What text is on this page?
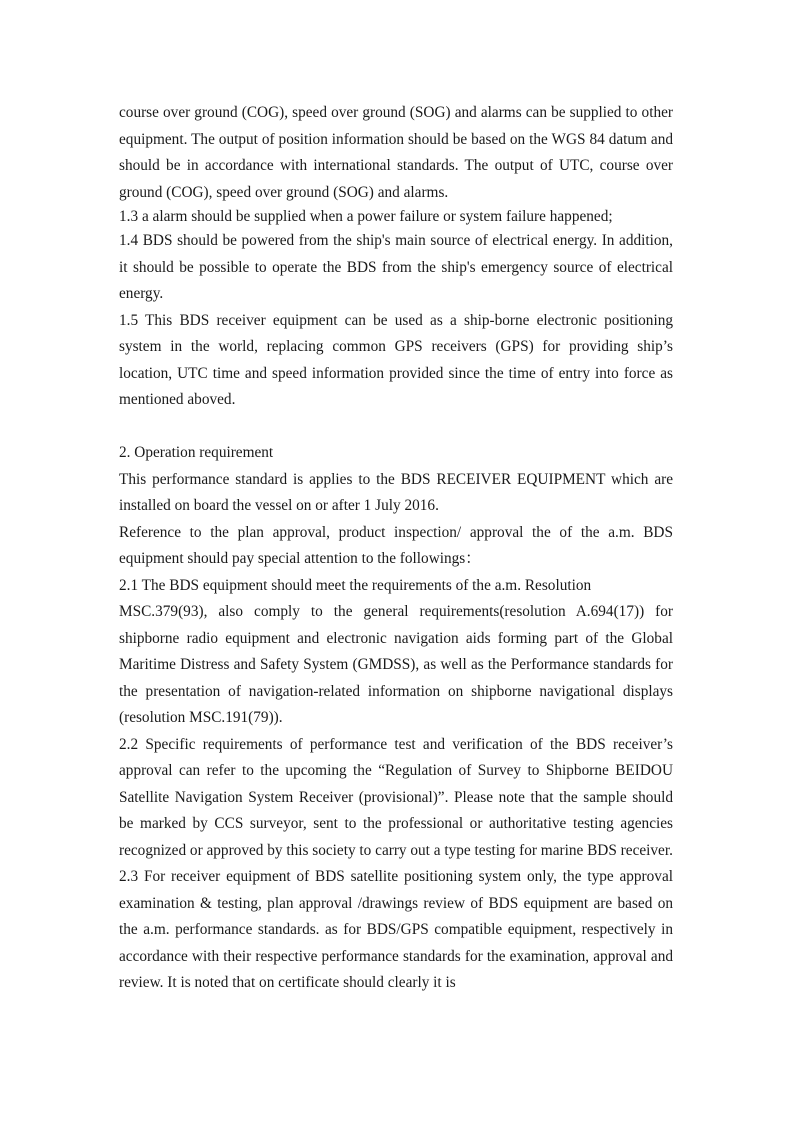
course over ground (COG), speed over ground (SOG) and alarms can be supplied to other equipment. The output of position information should be based on the WGS 84 datum and should be in accordance with international standards. The output of UTC, course over ground (COG), speed over ground (SOG) and alarms.

1.3 a alarm should be supplied when a power failure or system failure happened;

1.4 BDS should be powered from the ship's main source of electrical energy. In addition, it should be possible to operate the BDS from the ship's emergency source of electrical energy.

1.5 This BDS receiver equipment can be used as a ship-borne electronic positioning system in the world, replacing common GPS receivers (GPS) for providing ship’s location, UTC time and speed information provided since the time of entry into force as mentioned aboved.

2. Operation requirement

This performance standard is applies to the BDS RECEIVER EQUIPMENT which are installed on board the vessel on or after 1 July 2016.

Reference to the plan approval, product inspection/ approval the of the a.m. BDS equipment should pay special attention to the followings：

2.1 The BDS equipment should meet the requirements of the a.m. Resolution

MSC.379(93), also comply to the general requirements(resolution A.694(17)) for shipborne radio equipment and electronic navigation aids forming part of the Global Maritime Distress and Safety System (GMDSS), as well as the Performance standards for the presentation of navigation-related information on shipborne navigational displays (resolution MSC.191(79)).

2.2 Specific requirements of performance test and verification of the BDS receiver’s approval can refer to the upcoming the “Regulation of Survey to Shipborne BEIDOU Satellite Navigation System Receiver (provisional)”. Please note that the sample should be marked by CCS surveyor, sent to the professional or authoritative testing agencies recognized or approved by this society to carry out a type testing for marine BDS receiver.

2.3 For receiver equipment of BDS satellite positioning system only, the type approval examination & testing, plan approval /drawings review of BDS equipment are based on the a.m. performance standards. as for BDS/GPS compatible equipment, respectively in accordance with their respective performance standards for the examination, approval and review. It is noted that on certificate should clearly it is
